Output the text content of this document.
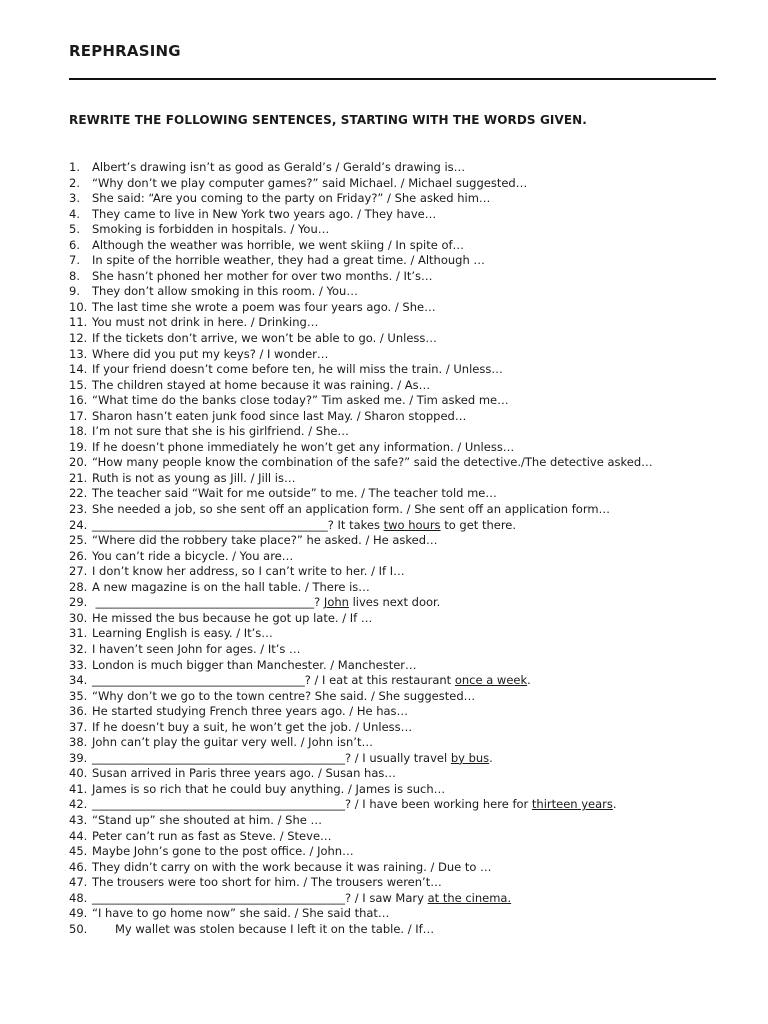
REPHRASING
REWRITE THE FOLLOWING SENTENCES, STARTING WITH THE WORDS GIVEN.
1. Albert’s drawing isn’t as good as Gerald’s / Gerald’s drawing is…
2. “Why don’t we play computer games?” said Michael. / Michael suggested…
3. She said: “Are you coming to the party on Friday?” / She asked him…
4. They came to live in New York two years ago. / They have…
5. Smoking is forbidden in hospitals. / You…
6. Although the weather was horrible, we went skiing / In spite of…
7. In spite of the horrible weather, they had a great time. / Although …
8. She hasn’t phoned her mother for over two months. / It’s…
9. They don’t allow smoking in this room. / You…
10. The last time she wrote a poem was four years ago. / She…
11. You must not drink in here. / Drinking…
12. If the tickets don’t arrive, we won’t be able to go. / Unless…
13. Where did you put my keys? / I wonder…
14. If your friend doesn’t come before ten, he will miss the train. / Unless…
15. The children stayed at home because it was raining. / As…
16. “What time do the banks close today?” Tim asked me. / Tim asked me…
17. Sharon hasn’t eaten junk food since last May. / Sharon stopped…
18. I’m not sure that she is his girlfriend. / She…
19. If he doesn’t phone immediately he won’t get any information. / Unless…
20. “How many people know the combination of the safe?” said the detective./The detective asked…
21. Ruth is not as young as Jill. / Jill is…
22. The teacher said “Wait for me outside” to me. / The teacher told me…
23. She needed a job, so she sent off an application form. / She sent off an application form…
24. _________________________________________? It takes two hours to get there.
25. “Where did the robbery take place?” he asked. / He asked…
26. You can’t ride a bicycle. / You are…
27. I don’t know her address, so I can’t write to her. / If I…
28. A new magazine is on the hall table. / There is…
29. ______________________________________? John lives next door.
30. He missed the bus because he got up late. / If …
31. Learning English is easy. / It’s…
32. I haven’t seen John for ages. / It’s …
33. London is much bigger than Manchester. / Manchester…
34. _____________________________________? / I eat at this restaurant once a week.
35. “Why don’t we go to the town centre? She said. / She suggested…
36. He started studying French three years ago. / He has…
37. If he doesn’t buy a suit, he won’t get the job. / Unless…
38. John can’t play the guitar very well. / John isn’t…
39. ____________________________________________? / I usually travel by bus.
40. Susan arrived in Paris three years ago. / Susan has…
41. James is so rich that he could buy anything. / James is such…
42. ____________________________________________? / I have been working here for thirteen years.
43. “Stand up” she shouted at him. / She …
44. Peter can’t run as fast as Steve. / Steve…
45. Maybe John’s gone to the post office. / John…
46. They didn’t carry on with the work because it was raining. / Due to …
47. The trousers were too short for him. / The trousers weren’t…
48. ____________________________________________? / I saw Mary at the cinema.
49. “I have to go home now” she said. / She said that…
50. My wallet was stolen because I left it on the table. / If…
